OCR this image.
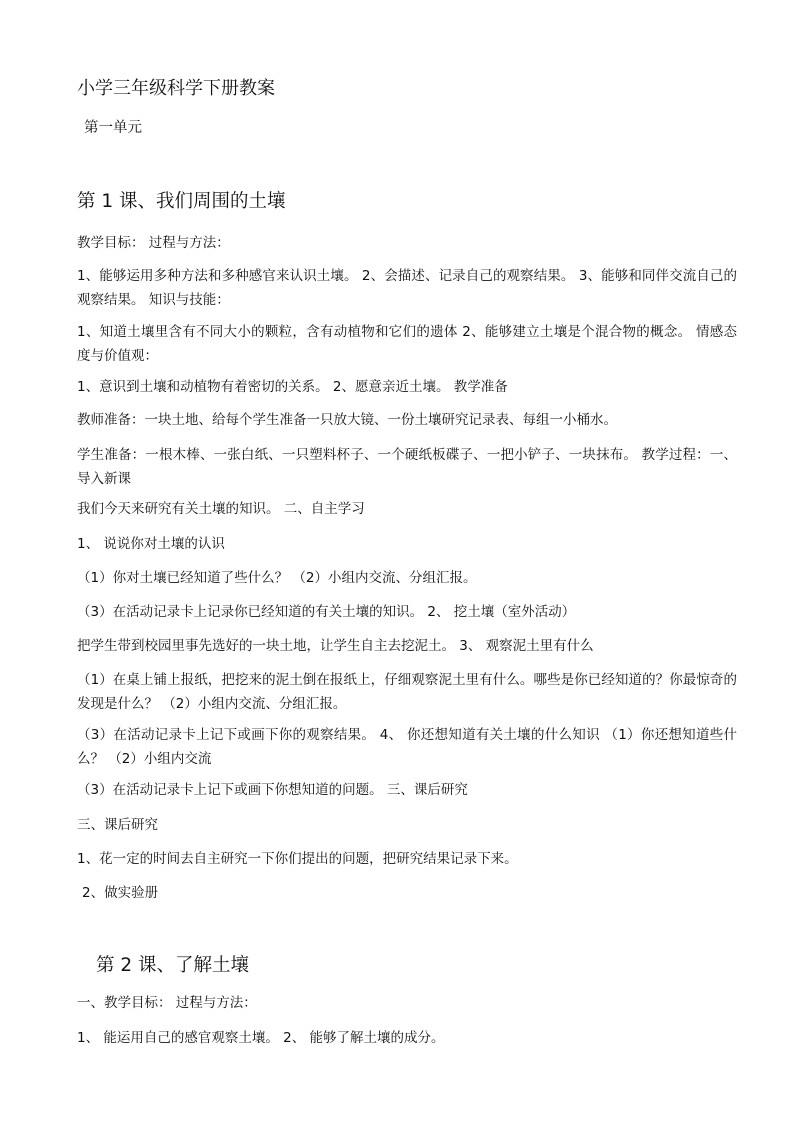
小学三年级科学下册教案
第一单元
第 1 课、我们周围的土壤
教学目标： 过程与方法：
1、能够运用多种方法和多种感官来认识土壤。 2、会描述、记录自己的观察结果。 3、能够和同伴交流自己的观察结果。 知识与技能：
1、知道土壤里含有不同大小的颗粒，含有动植物和它们的遗体 2、能够建立土壤是个混合物的概念。 情感态度与价值观：
1、意识到土壤和动植物有着密切的关系。 2、愿意亲近土壤。 教学准备
教师准备：一块土地、给每个学生准备一只放大镜、一份土壤研究记录表、每组一小桶水。
学生准备：一根木棒、一张白纸、一只塑料杯子、一个硬纸板碟子、一把小铲子、一块抹布。 教学过程：一、导入新课
我们今天来研究有关土壤的知识。 二、自主学习
1、 说说你对土壤的认识
（1）你对土壤已经知道了些什么？ （2）小组内交流、分组汇报。
（3）在活动记录卡上记录你已经知道的有关土壤的知识。 2、 挖土壤（室外活动）
把学生带到校园里事先选好的一块土地，让学生自主去挖泥土。 3、 观察泥土里有什么
（1）在桌上铺上报纸，把挖来的泥土倒在报纸上，仔细观察泥土里有什么。哪些是你已经知道的？你最惊奇的发现是什么？ （2）小组内交流、分组汇报。
（3）在活动记录卡上记下或画下你的观察结果。 4、 你还想知道有关土壤的什么知识 （1）你还想知道些什么？ （2）小组内交流
（3）在活动记录卡上记下或画下你想知道的问题。 三、课后研究
三、课后研究
1、花一定的时间去自主研究一下你们提出的问题，把研究结果记录下来。
2、做实验册
第 2 课、了解土壤
一、教学目标： 过程与方法：
1、 能运用自己的感官观察土壤。 2、 能够了解土壤的成分。
